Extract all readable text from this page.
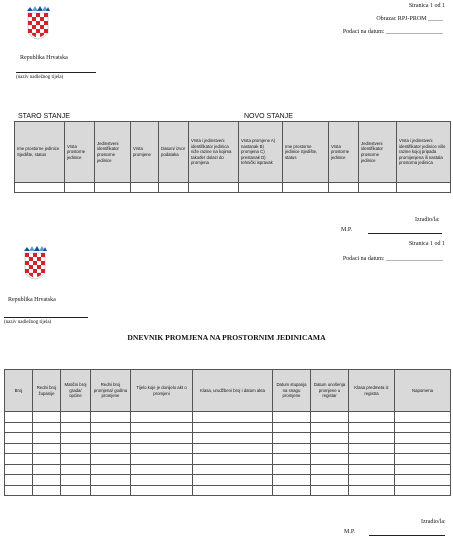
Stranica 1 od 1
Obrazac RPJ-PROM _____
Podaci na datum: ___________________
Republika Hrvatska
(naziv nadležnog tijela)
STARO STANJE	NOVO STANJE
Ime prostorne jedinice Sjedište, status	Vrsta prostorne jedinice	Jedinstveni identifikator prostorne jedinice	Vrsta promjene	Datum/ izvor podataka	Vrsta i jedinstveni identifikator jedinica niže razine na kojima također dolazi do promjena	Vrsta promjene A) nastanak B) promjena C) prestanak D) tehnički ispravak	Ime prostorne jedinice Sjedište, status	Vrsta prostorne jedinice	Jedinstveni identifikator prostorne jedinice	Vrsta i jedinstveni identifikator jedinice više razine kojoj pripada promijenjena ili nastala prostorna jedinica

Izradio/la:
M.P.
Stranica 1 od 1
Podaci na datum: ___________________
Republika Hrvatska
(naziv nadležnog tijela)
DNEVNIK PROMJENA NA PROSTORNIM JEDINICAMA
Broj	Redni broj županije	Matični broj grada/ općine	Redni broj promjena/ godina promjene	Tijelo koje je donijelo akt o promjeni	Klasa, urudžbeni broj i datum akta	Datum stupanja na snagu promjene	Datum unošenja promjene u registar	Klasa predmeta iz registra	Napomena

Izradio/la:
M.P.
